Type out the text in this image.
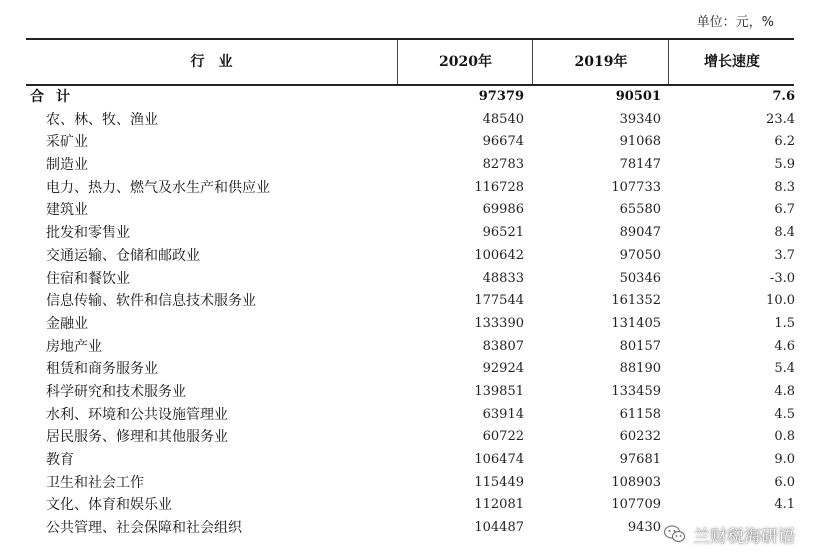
单位：元，%
行业	2020年	2019年	增长速度
合计	97379	90501	7.6
农、林、牧、渔业	48540	39340	23.4
采矿业	96674	91068	6.2
制造业	82783	78147	5.9
电力、热力、燃气及水生产和供应业	116728	107733	8.3
建筑业	69986	65580	6.7
批发和零售业	96521	89047	8.4
交通运输、仓储和邮政业	100642	97050	3.7
住宿和餐饮业	48833	50346	-3.0
信息传输、软件和信息技术服务业	177544	161352	10.0
金融业	133390	131405	1.5
房地产业	83807	80157	4.6
租赁和商务服务业	92924	88190	5.4
科学研究和技术服务业	139851	133459	4.8
水利、环境和公共设施管理业	63914	61158	4.5
居民服务、修理和其他服务业	60722	60232	0.8
教育	106474	97681	9.0
卫生和社会工作	115449	108903	6.0
文化、体育和娱乐业	112081	107709	4.1
公共管理、社会保障和社会组织	104487	9430 兰财税海研语
